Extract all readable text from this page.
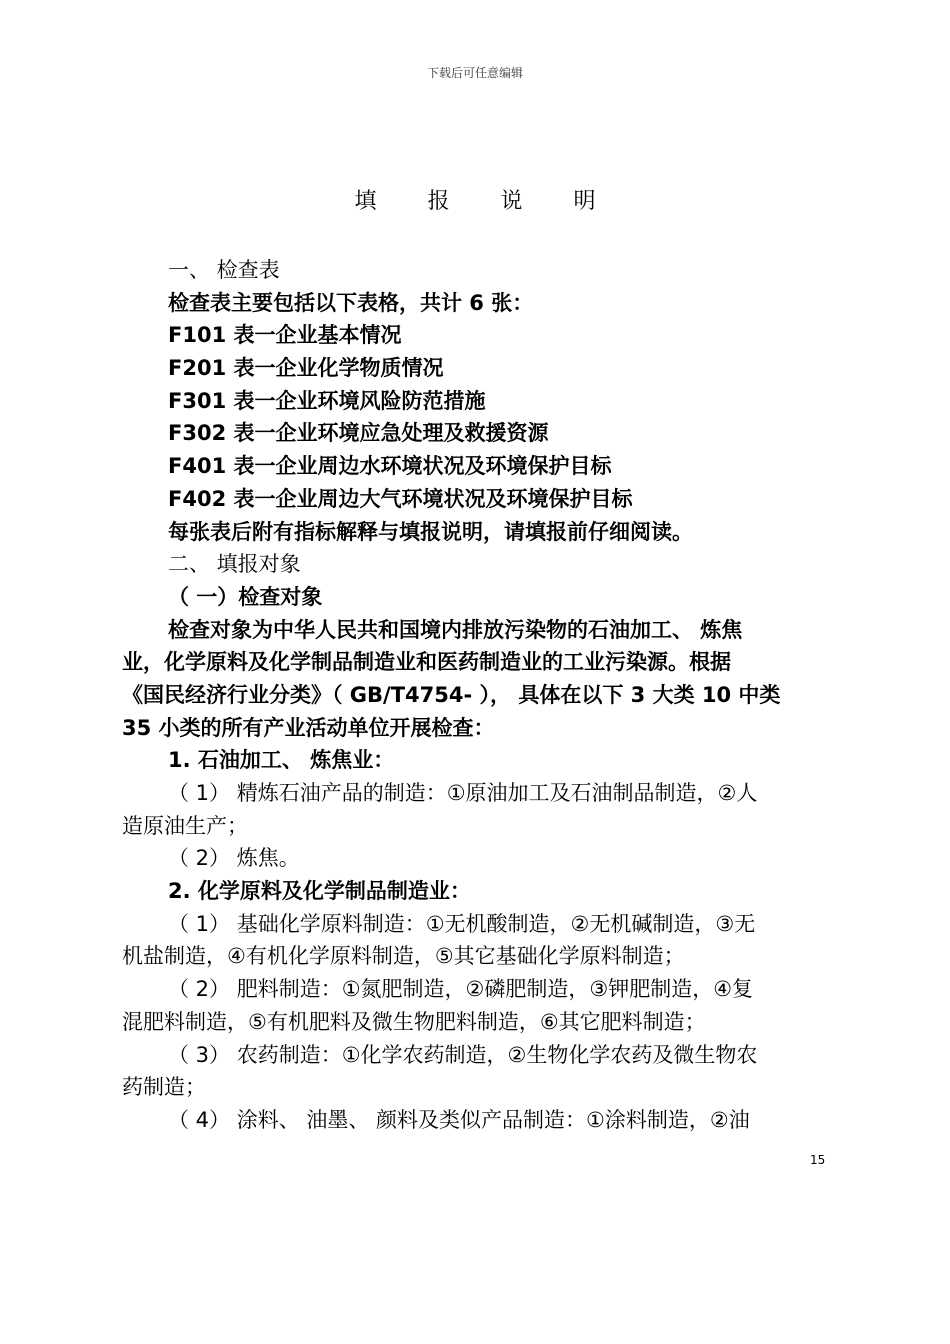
下载后可任意编辑
填 报 说 明
一、 检查表
检查表主要包括以下表格，共计 6 张：
F101 表一企业基本情况
F201 表一企业化学物质情况
F301 表一企业环境风险防范措施
F302 表一企业环境应急处理及救援资源
F401 表一企业周边水环境状况及环境保护目标
F402 表一企业周边大气环境状况及环境保护目标
每张表后附有指标解释与填报说明，请填报前仔细阅读。
二、 填报对象
（ 一）检查对象
检查对象为中华人民共和国境内排放污染物的石油加工、 炼焦
业，化学原料及化学制品制造业和医药制造业的工业污染源。根据
《国民经济行业分类》（ GB/T4754- ）， 具体在以下 3 大类 10 中类
35 小类的所有产业活动单位开展检查：
1. 石油加工、 炼焦业：
（ 1） 精炼石油产品的制造：①原油加工及石油制品制造，②人
造原油生产；
（ 2） 炼焦。
2. 化学原料及化学制品制造业：
（ 1） 基础化学原料制造：①无机酸制造，②无机碱制造，③无
机盐制造，④有机化学原料制造，⑤其它基础化学原料制造；
（ 2） 肥料制造：①氮肥制造，②磷肥制造，③钾肥制造，④复
混肥料制造，⑤有机肥料及微生物肥料制造，⑥其它肥料制造；
（ 3） 农药制造：①化学农药制造，②生物化学农药及微生物农
药制造；
（ 4） 涂料、 油墨、 颜料及类似产品制造：①涂料制造，②油
15
